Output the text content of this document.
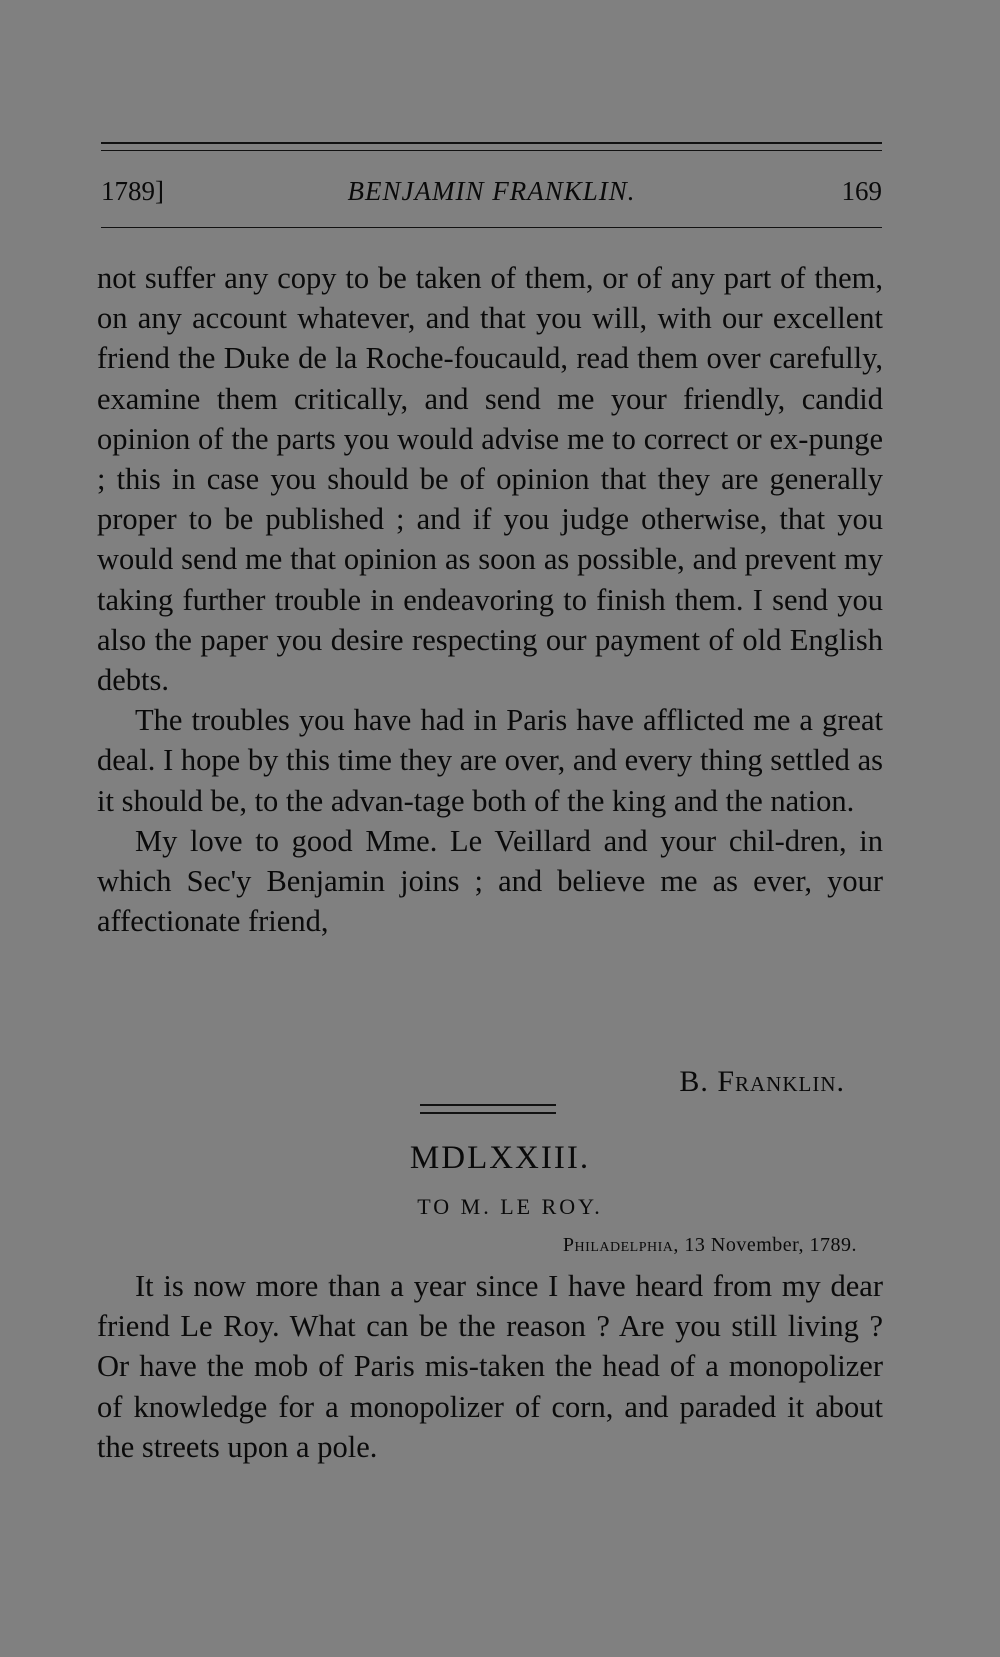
1789]	BENJAMIN FRANKLIN.	169

not suffer any copy to be taken of them, or of any part of them, on any account whatever, and that you will, with our excellent friend the Duke de la Roche-foucauld, read them over carefully, examine them critically, and send me your friendly, candid opinion of the parts you would advise me to correct or ex-punge ; this in case you should be of opinion that they are generally proper to be published ; and if you judge otherwise, that you would send me that opinion as soon as possible, and prevent my taking further trouble in endeavoring to finish them. I send you also the paper you desire respecting our payment of old English debts.

The troubles you have had in Paris have afflicted me a great deal. I hope by this time they are over, and every thing settled as it should be, to the advan-tage both of the king and the nation.

My love to good Mme. Le Veillard and your chil-dren, in which Sec'y Benjamin joins ; and believe me as ever, your affectionate friend,

B. Franklin.
MDLXXIII.
TO M. LE ROY.
Philadelphia, 13 November, 1789.

It is now more than a year since I have heard from my dear friend Le Roy. What can be the reason ? Are you still living ? Or have the mob of Paris mis-taken the head of a monopolizer of knowledge for a monopolizer of corn, and paraded it about the streets upon a pole.
